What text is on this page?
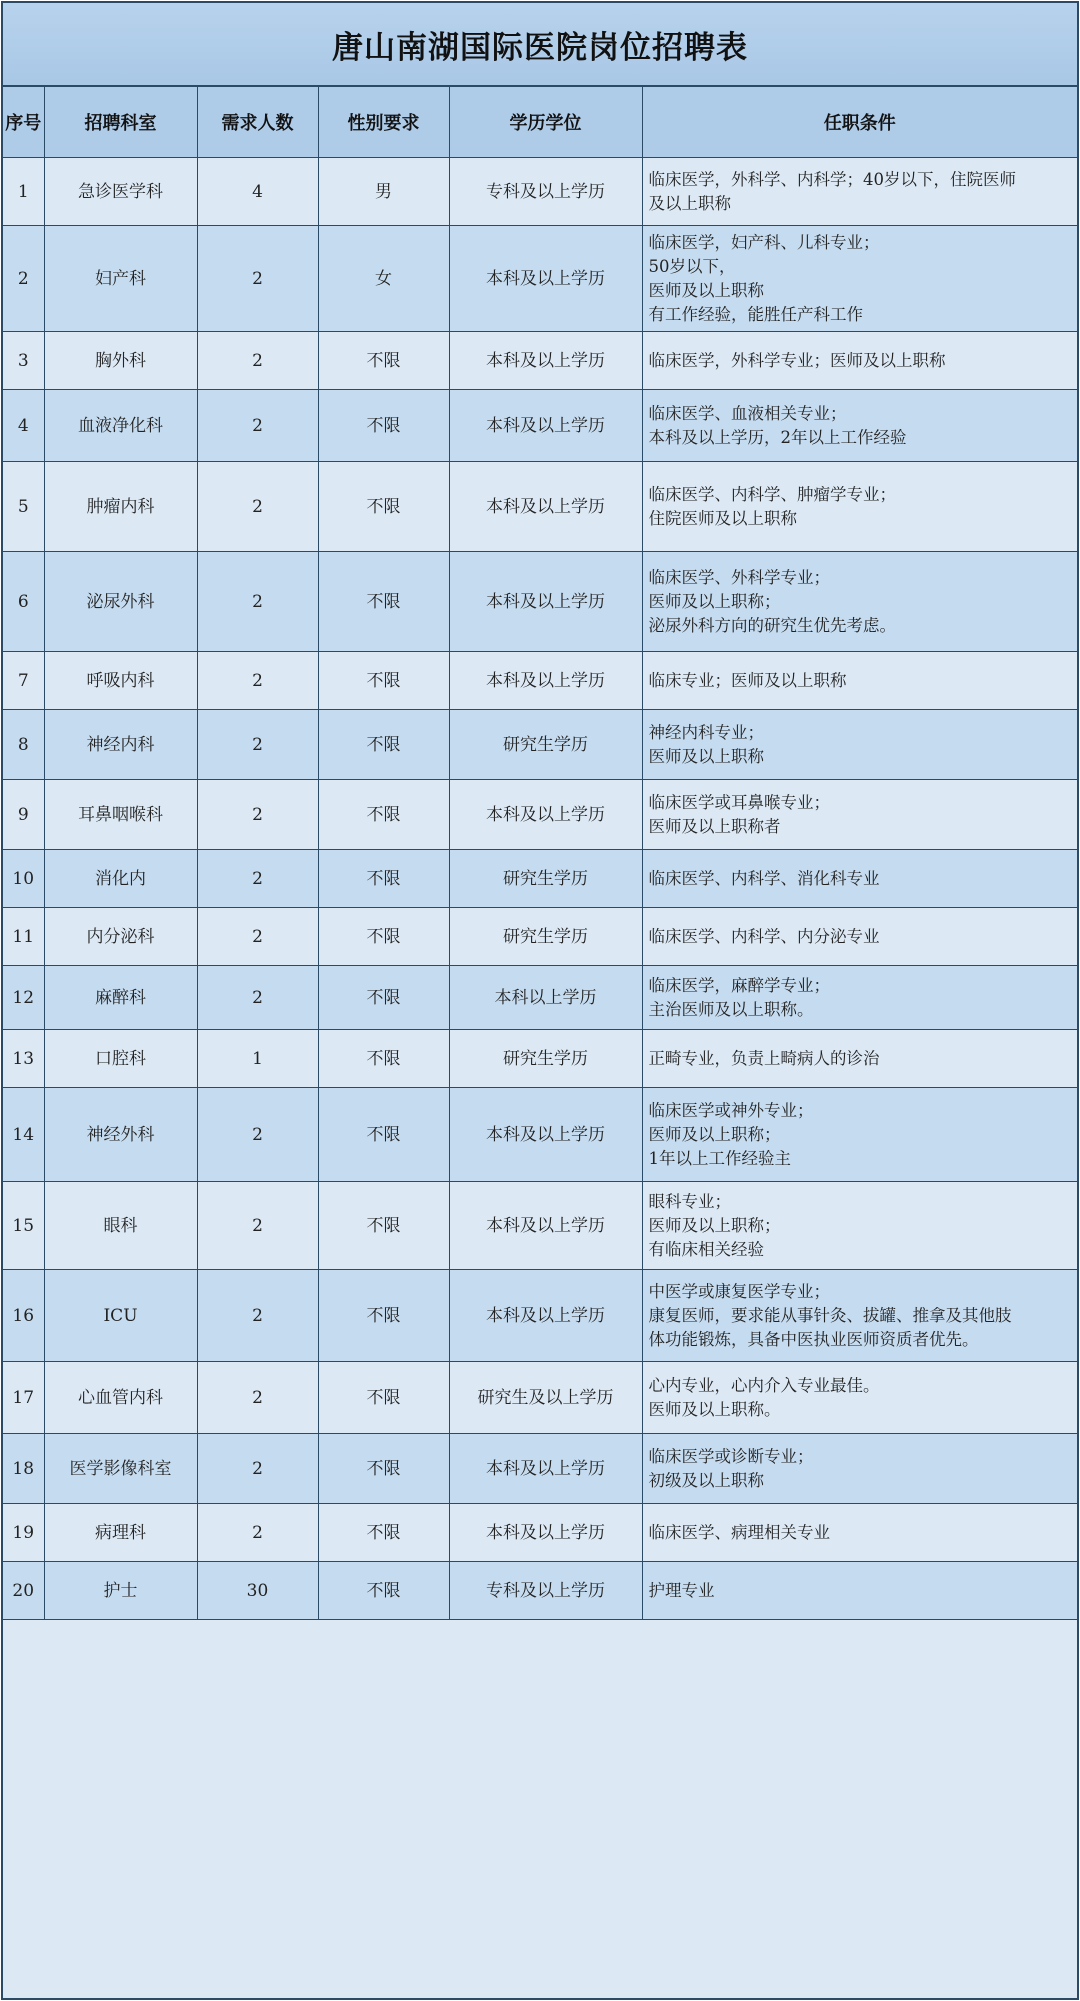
唐山南湖国际医院岗位招聘表
序号	招聘科室	需求人数	性别要求	学历学位	任职条件
1	急诊医学科	4	男	专科及以上学历	临床医学，外科学、内科学；40岁以下，住院医师
及以上职称
2	妇产科	2	女	本科及以上学历	临床医学，妇产科、儿科专业；
50岁以下，
医师及以上职称
有工作经验，能胜任产科工作
3	胸外科	2	不限	本科及以上学历	临床医学，外科学专业；医师及以上职称
4	血液净化科	2	不限	本科及以上学历	临床医学、血液相关专业；
本科及以上学历，2年以上工作经验
5	肿瘤内科	2	不限	本科及以上学历	临床医学、内科学、肿瘤学专业；
住院医师及以上职称
6	泌尿外科	2	不限	本科及以上学历	临床医学、外科学专业；
医师及以上职称；
泌尿外科方向的研究生优先考虑。
7	呼吸内科	2	不限	本科及以上学历	临床专业；医师及以上职称
8	神经内科	2	不限	研究生学历	神经内科专业；
医师及以上职称
9	耳鼻咽喉科	2	不限	本科及以上学历	临床医学或耳鼻喉专业；
医师及以上职称者
10	消化内	2	不限	研究生学历	临床医学、内科学、消化科专业
11	内分泌科	2	不限	研究生学历	临床医学、内科学、内分泌专业
12	麻醉科	2	不限	本科以上学历	临床医学，麻醉学专业；
主治医师及以上职称。
13	口腔科	1	不限	研究生学历	正畸专业，负责上畸病人的诊治
14	神经外科	2	不限	本科及以上学历	临床医学或神外专业；
医师及以上职称；
1年以上工作经验主
15	眼科	2	不限	本科及以上学历	眼科专业；
医师及以上职称；
有临床相关经验
16	ICU	2	不限	本科及以上学历	中医学或康复医学专业；
康复医师，要求能从事针灸、拔罐、推拿及其他肢
体功能锻炼，具备中医执业医师资质者优先。
17	心血管内科	2	不限	研究生及以上学历	心内专业，心内介入专业最佳。
医师及以上职称。
18	医学影像科室	2	不限	本科及以上学历	临床医学或诊断专业；
初级及以上职称
19	病理科	2	不限	本科及以上学历	临床医学、病理相关专业
20	护士	30	不限	专科及以上学历	护理专业
